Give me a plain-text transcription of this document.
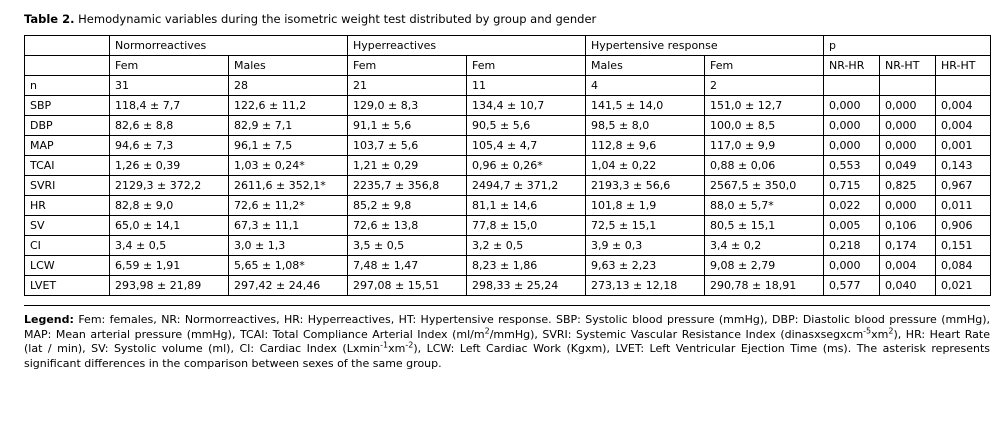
Table 2. Hemodynamic variables during the isometric weight test distributed by group and gender
	Normorreactives		Hyperreactives		Hypertensive response		p		
	Fem	Males	Fem	Fem	Males	Fem	NR-HR	NR-HT	HR-HT
n	31	28	21	11	4	2			
SBP	118,4 ± 7,7	122,6 ± 11,2	129,0 ± 8,3	134,4 ± 10,7	141,5 ± 14,0	151,0 ± 12,7	0,000	0,000	0,004
DBP	82,6 ± 8,8	82,9 ± 7,1	91,1 ± 5,6	90,5 ± 5,6	98,5 ± 8,0	100,0 ± 8,5	0,000	0,000	0,004
MAP	94,6 ± 7,3	96,1 ± 7,5	103,7 ± 5,6	105,4 ± 4,7	112,8 ± 9,6	117,0 ± 9,9	0,000	0,000	0,001
TCAI	1,26 ± 0,39	1,03 ± 0,24*	1,21 ± 0,29	0,96 ± 0,26*	1,04 ± 0,22	0,88 ± 0,06	0,553	0,049	0,143
SVRI	2129,3 ± 372,2	2611,6 ± 352,1*	2235,7 ± 356,8	2494,7 ± 371,2	2193,3 ± 56,6	2567,5 ± 350,0	0,715	0,825	0,967
HR	82,8 ± 9,0	72,6 ± 11,2*	85,2 ± 9,8	81,1 ± 14,6	101,8 ± 1,9	88,0 ± 5,7*	0,022	0,000	0,011
SV	65,0 ± 14,1	67,3 ± 11,1	72,6 ± 13,8	77,8 ± 15,0	72,5 ± 15,1	80,5 ± 15,1	0,005	0,106	0,906
CI	3,4 ± 0,5	3,0 ± 1,3	3,5 ± 0,5	3,2 ± 0,5	3,9 ± 0,3	3,4 ± 0,2	0,218	0,174	0,151
LCW	6,59 ± 1,91	5,65 ± 1,08*	7,48 ± 1,47	8,23 ± 1,86	9,63 ± 2,23	9,08 ± 2,79	0,000	0,004	0,084
LVET	293,98 ± 21,89	297,42 ± 24,46	297,08 ± 15,51	298,33 ± 25,24	273,13 ± 12,18	290,78 ± 18,91	0,577	0,040	0,021
Legend: Fem: females, NR: Normorreactives, HR: Hyperreactives, HT: Hypertensive response. SBP: Systolic blood pressure (mmHg), DBP: Diastolic blood pressure (mmHg), MAP: Mean arterial pressure (mmHg), TCAI: Total Compliance Arterial Index $(ml/m^2/mmHg)$, SVRI: Systemic Vascular Resistance Index $(dinasxsegxcm^{-5}xm^2)$, HR: Heart Rate (lat / min), SV: Systolic volume (ml), CI: Cardiac Index $(Lxmin^{-1}xm^{-2})$, LCW: Left Cardiac Work (Kgxm), LVET: Left Ventricular Ejection Time (ms). The asterisk represents significant differences in the comparison between sexes of the same group.
